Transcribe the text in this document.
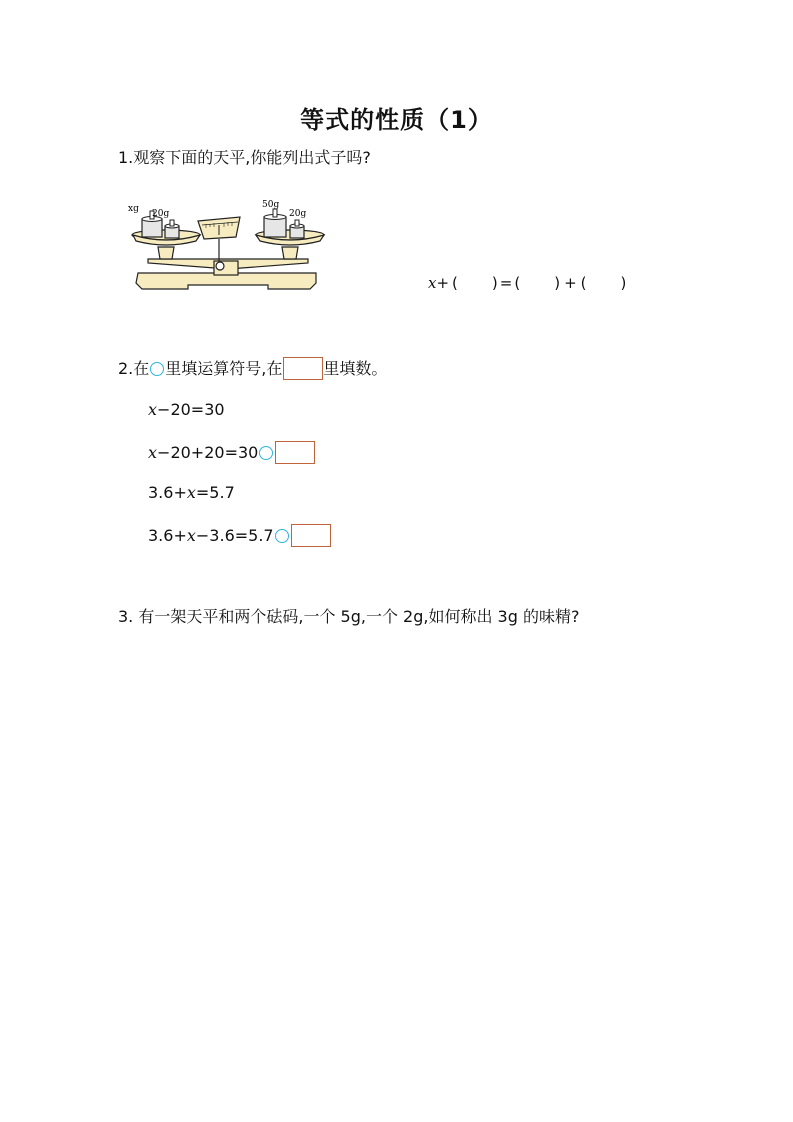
等式的性质（1）
1.观察下面的天平,你能列出式子吗?
xg 20g
50g
20g
x+ ( ) = ( ) + ( )
2.在 里填运算符号,在	里填数。
x−20=30
x−20+20=30
3.6+x=5.7
3.6+x−3.6=5.7
3. 有一架天平和两个砝码,一个 5g,一个 2g,如何称出 3g 的味精?
